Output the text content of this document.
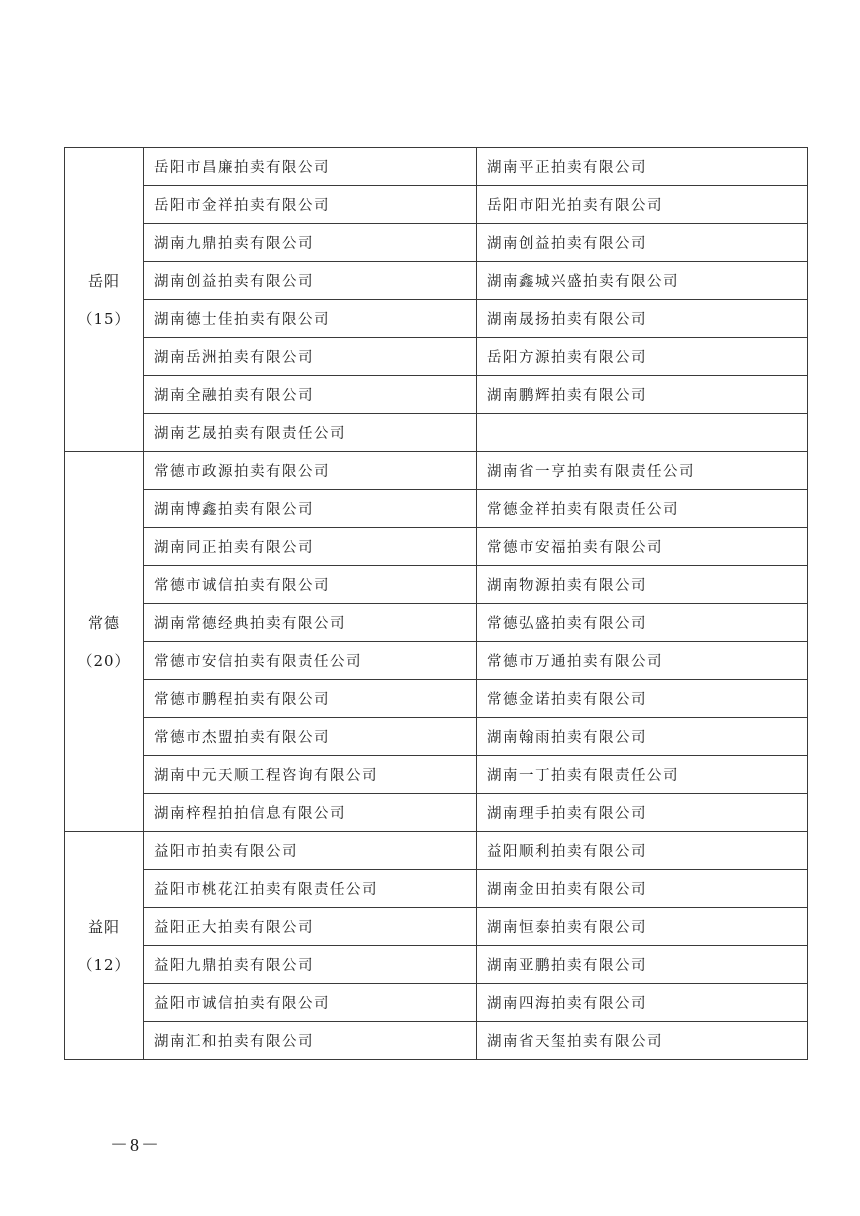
岳阳
（15）	岳阳市昌廉拍卖有限公司	湖南平正拍卖有限公司
	岳阳市金祥拍卖有限公司	岳阳市阳光拍卖有限公司
	湖南九鼎拍卖有限公司	湖南创益拍卖有限公司
	湖南创益拍卖有限公司	湖南鑫城兴盛拍卖有限公司
	湖南德士佳拍卖有限公司	湖南晟扬拍卖有限公司
	湖南岳洲拍卖有限公司	岳阳方源拍卖有限公司
	湖南全融拍卖有限公司	湖南鹏辉拍卖有限公司
	湖南艺晟拍卖有限责任公司	

常德
（20）	常德市政源拍卖有限公司	湖南省一亨拍卖有限责任公司
	湖南博鑫拍卖有限公司	常德金祥拍卖有限责任公司
	湖南同正拍卖有限公司	常德市安福拍卖有限公司
	常德市诚信拍卖有限公司	湖南物源拍卖有限公司
	湖南常德经典拍卖有限公司	常德弘盛拍卖有限公司
	常德市安信拍卖有限责任公司	常德市万通拍卖有限公司
	常德市鹏程拍卖有限公司	常德金诺拍卖有限公司
	常德市杰盟拍卖有限公司	湖南翰雨拍卖有限公司
	湖南中元天顺工程咨询有限公司	湖南一丁拍卖有限责任公司
	湖南梓程拍拍信息有限公司	湖南理手拍卖有限公司

益阳
（12）	益阳市拍卖有限公司	益阳顺利拍卖有限公司
	益阳市桃花江拍卖有限责任公司	湖南金田拍卖有限公司
	益阳正大拍卖有限公司	湖南恒泰拍卖有限公司
	益阳九鼎拍卖有限公司	湖南亚鹏拍卖有限公司
	益阳市诚信拍卖有限公司	湖南四海拍卖有限公司
	湖南汇和拍卖有限公司	湖南省天玺拍卖有限公司
－8－
